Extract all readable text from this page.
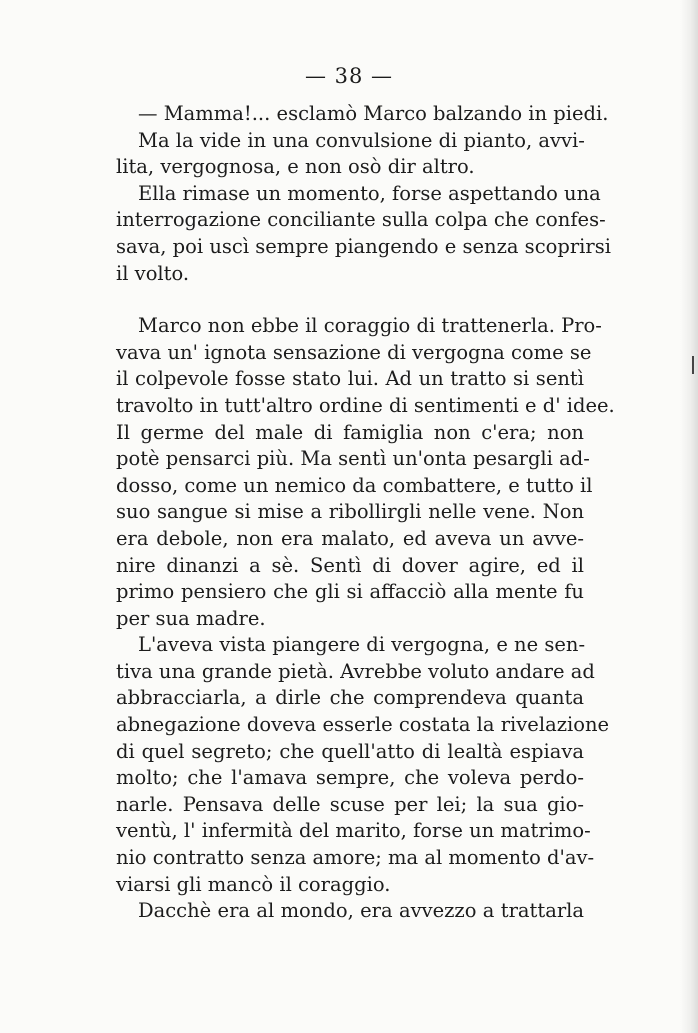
— 38 —
— Mamma!... esclamò Marco balzando in piedi.
Ma la vide in una convulsione di pianto, avvi-
lita, vergognosa, e non osò dir altro.
Ella rimase un momento, forse aspettando una
interrogazione conciliante sulla colpa che confes-
sava, poi uscì sempre piangendo e senza scoprirsi
il volto.
Marco non ebbe il coraggio di trattenerla. Pro-
vava un' ignota sensazione di vergogna come se
il colpevole fosse stato lui. Ad un tratto si sentì
travolto in tutt'altro ordine di sentimenti e d' idee.
Il germe del male di famiglia non c'era; non
potè pensarci più. Ma sentì un'onta pesargli ad-
dosso, come un nemico da combattere, e tutto il
suo sangue si mise a ribollirgli nelle vene. Non
era debole, non era malato, ed aveva un avve-
nire dinanzi a sè. Sentì di dover agire, ed il
primo pensiero che gli si affacciò alla mente fu
per sua madre.
L'aveva vista piangere di vergogna, e ne sen-
tiva una grande pietà. Avrebbe voluto andare ad
abbracciarla, a dirle che comprendeva quanta
abnegazione doveva esserle costata la rivelazione
di quel segreto; che quell'atto di lealtà espiava
molto; che l'amava sempre, che voleva perdo-
narle. Pensava delle scuse per lei; la sua gio-
ventù, l' infermità del marito, forse un matrimo-
nio contratto senza amore; ma al momento d'av-
viarsi gli mancò il coraggio.
Dacchè era al mondo, era avvezzo a trattarla
